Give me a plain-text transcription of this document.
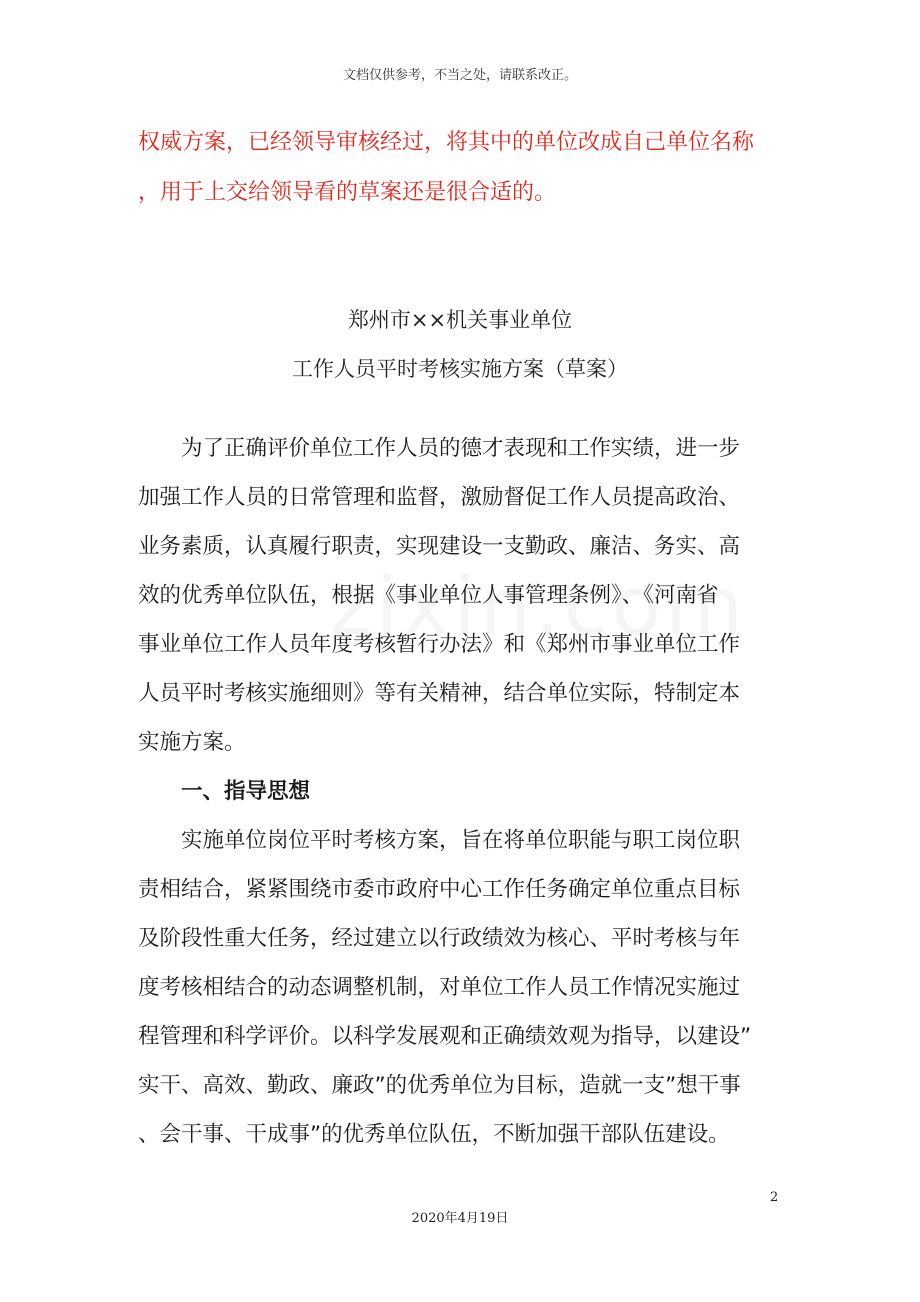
文档仅供参考，不当之处，请联系改正。

权威方案，已经领导审核经过，将其中的单位改成自己单位名称

，用于上交给领导看的草案还是很合适的。

郑州市××机关事业单位

工作人员平时考核实施方案（草案）

为了正确评价单位工作人员的德才表现和工作实绩，进一步

加强工作人员的日常管理和监督，激励督促工作人员提高政治、

业务素质，认真履行职责，实现建设一支勤政、廉洁、务实、高

效的优秀单位队伍，根据《事业单位人事管理条例》、《河南省

事业单位工作人员年度考核暂行办法》和《郑州市事业单位工作

人员平时考核实施细则》等有关精神，结合单位实际，特制定本

实施方案。

一、指导思想

实施单位岗位平时考核方案，旨在将单位职能与职工岗位职

责相结合，紧紧围绕市委市政府中心工作任务确定单位重点目标

及阶段性重大任务，经过建立以行政绩效为核心、平时考核与年

度考核相结合的动态调整机制，对单位工作人员工作情况实施过

程管理和科学评价。以科学发展观和正确绩效观为指导，以建设”

实干、高效、勤政、廉政”的优秀单位为目标，造就一支”想干事

、会干事、干成事”的优秀单位队伍，不断加强干部队伍建设。

2
2020年4月19日
